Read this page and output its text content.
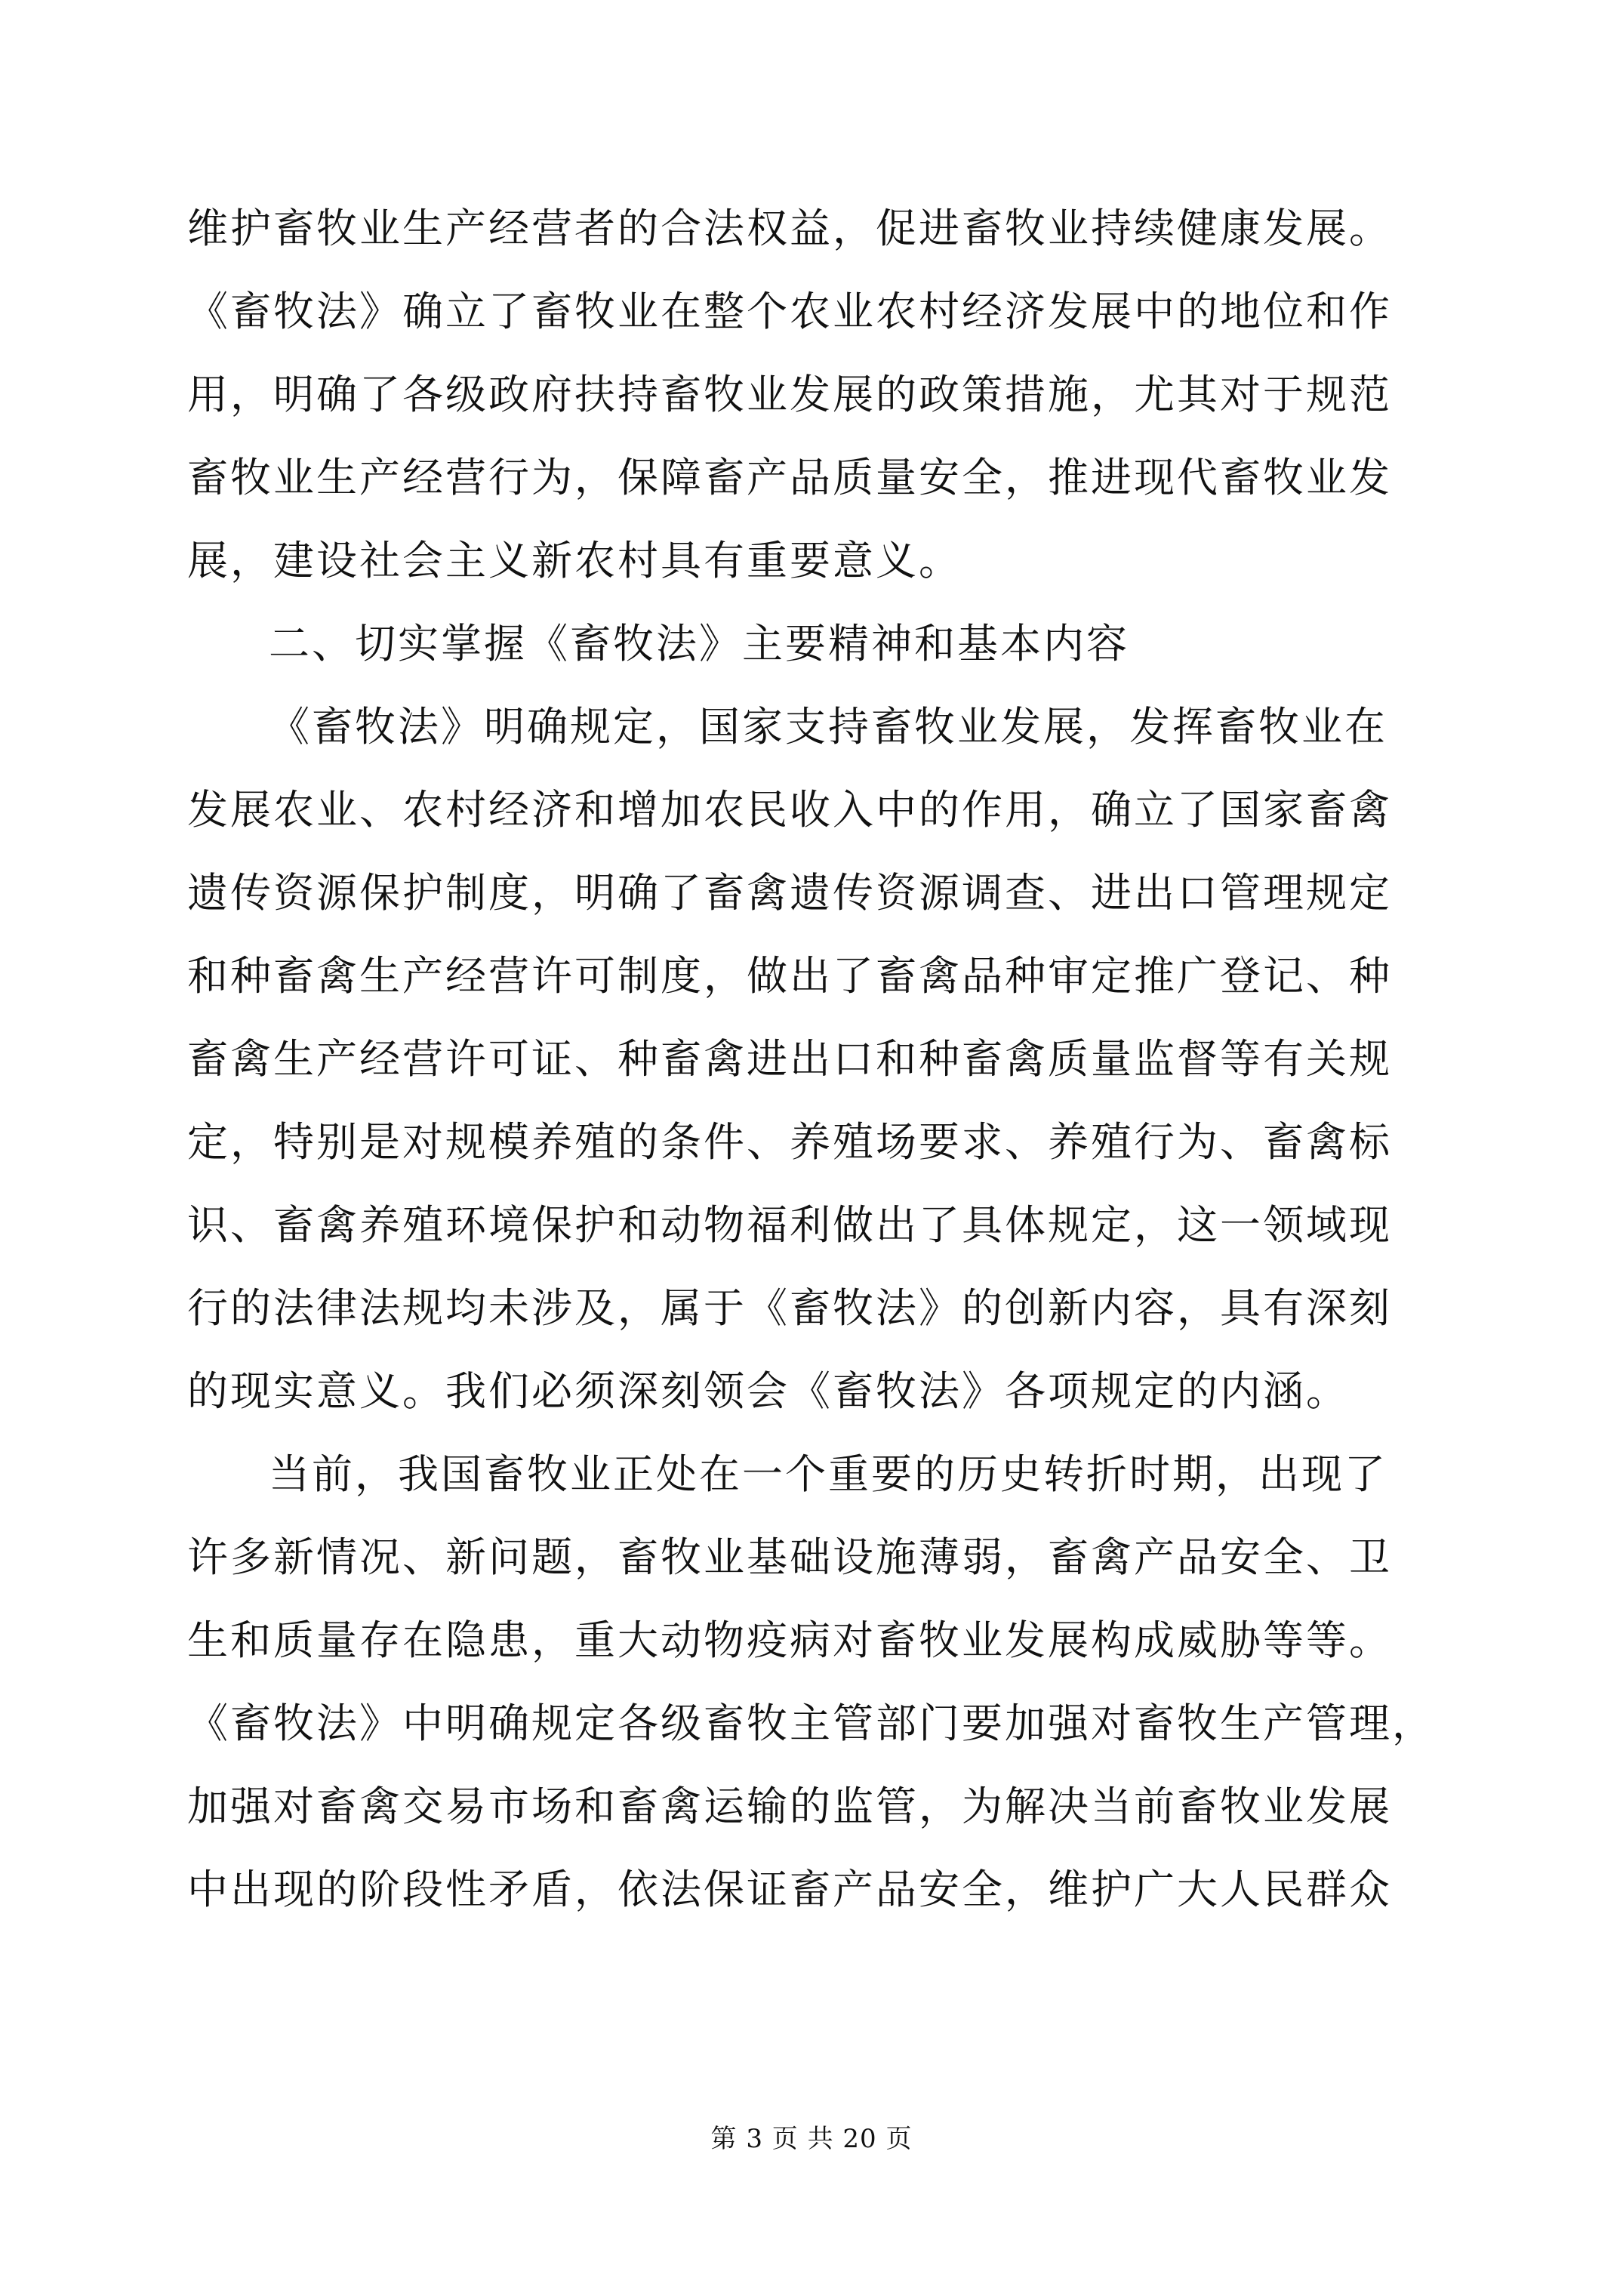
维护畜牧业生产经营者的合法权益，促进畜牧业持续健康发展。
《畜牧法》确立了畜牧业在整个农业农村经济发展中的地位和作
用，明确了各级政府扶持畜牧业发展的政策措施，尤其对于规范
畜牧业生产经营行为，保障畜产品质量安全，推进现代畜牧业发
展，建设社会主义新农村具有重要意义。
二、切实掌握《畜牧法》主要精神和基本内容
《畜牧法》明确规定，国家支持畜牧业发展，发挥畜牧业在
发展农业、农村经济和增加农民收入中的作用，确立了国家畜禽
遗传资源保护制度，明确了畜禽遗传资源调查、进出口管理规定
和种畜禽生产经营许可制度，做出了畜禽品种审定推广登记、种
畜禽生产经营许可证、种畜禽进出口和种畜禽质量监督等有关规
定，特别是对规模养殖的条件、养殖场要求、养殖行为、畜禽标
识、畜禽养殖环境保护和动物福利做出了具体规定，这一领域现
行的法律法规均未涉及，属于《畜牧法》的创新内容，具有深刻
的现实意义。我们必须深刻领会《畜牧法》各项规定的内涵。
当前，我国畜牧业正处在一个重要的历史转折时期，出现了
许多新情况、新问题，畜牧业基础设施薄弱，畜禽产品安全、卫
生和质量存在隐患，重大动物疫病对畜牧业发展构成威胁等等。
《畜牧法》中明确规定各级畜牧主管部门要加强对畜牧生产管理，
加强对畜禽交易市场和畜禽运输的监管，为解决当前畜牧业发展
中出现的阶段性矛盾，依法保证畜产品安全，维护广大人民群众
第 3 页 共 20 页
